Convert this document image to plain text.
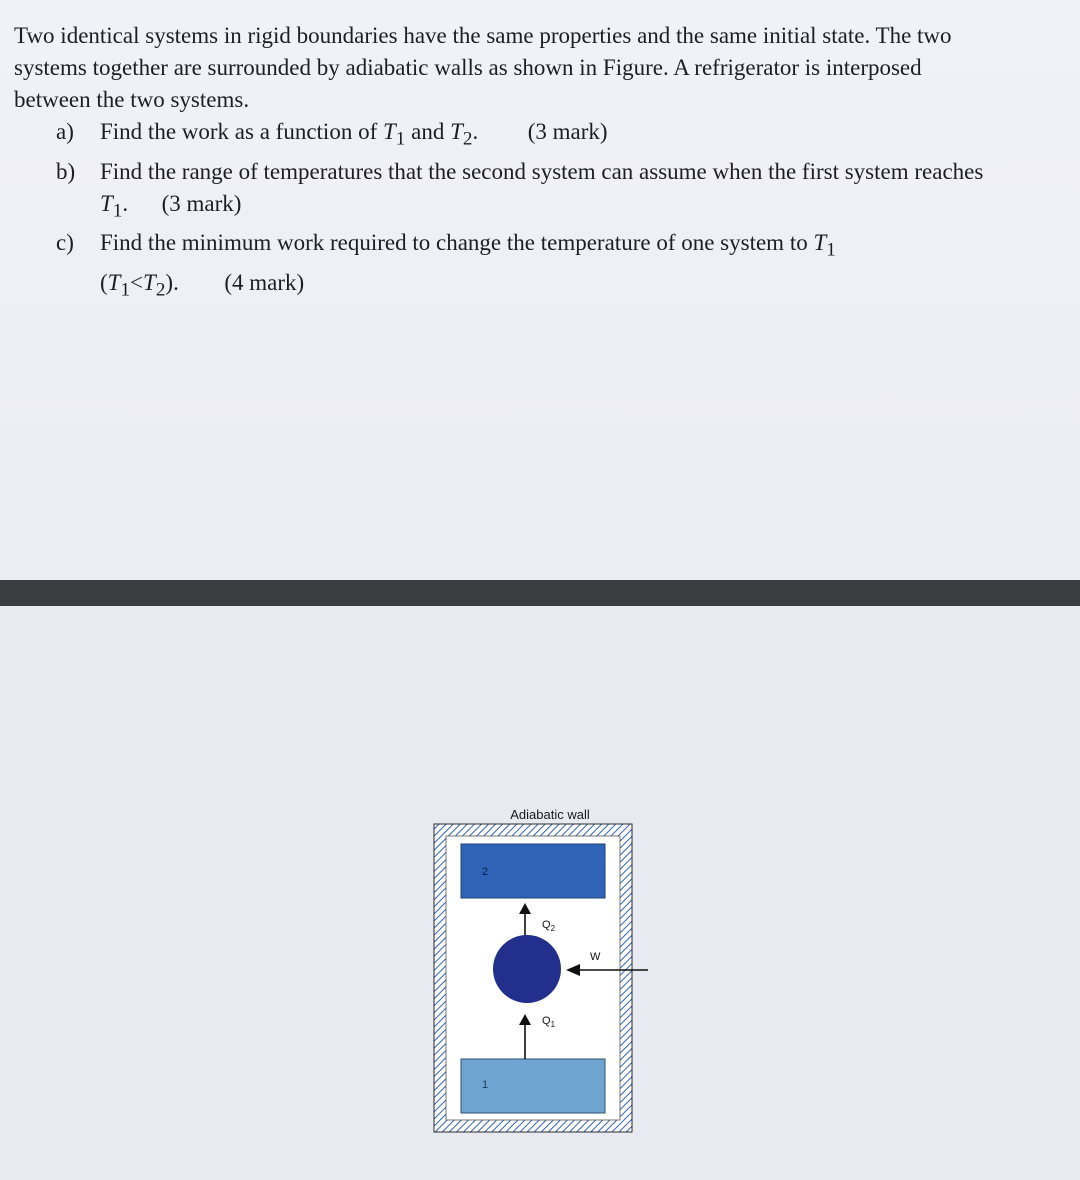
Two identical systems in rigid boundaries have the same properties and the same initial state. The two systems together are surrounded by adiabatic walls as shown in Figure. A refrigerator is interposed between the two systems.

a) Find the work as a function of $T_1$ and $T_2$. (3 mark)
b) Find the range of temperatures that the second system can assume when the first system reaches $T_1$. (3 mark)
c) Find the minimum work required to change the temperature of one system to $T_1$
$(T_1<T_2)$. (4 mark)
Adiabatic wall
2
1
$Q_2$
$Q_1$
W
